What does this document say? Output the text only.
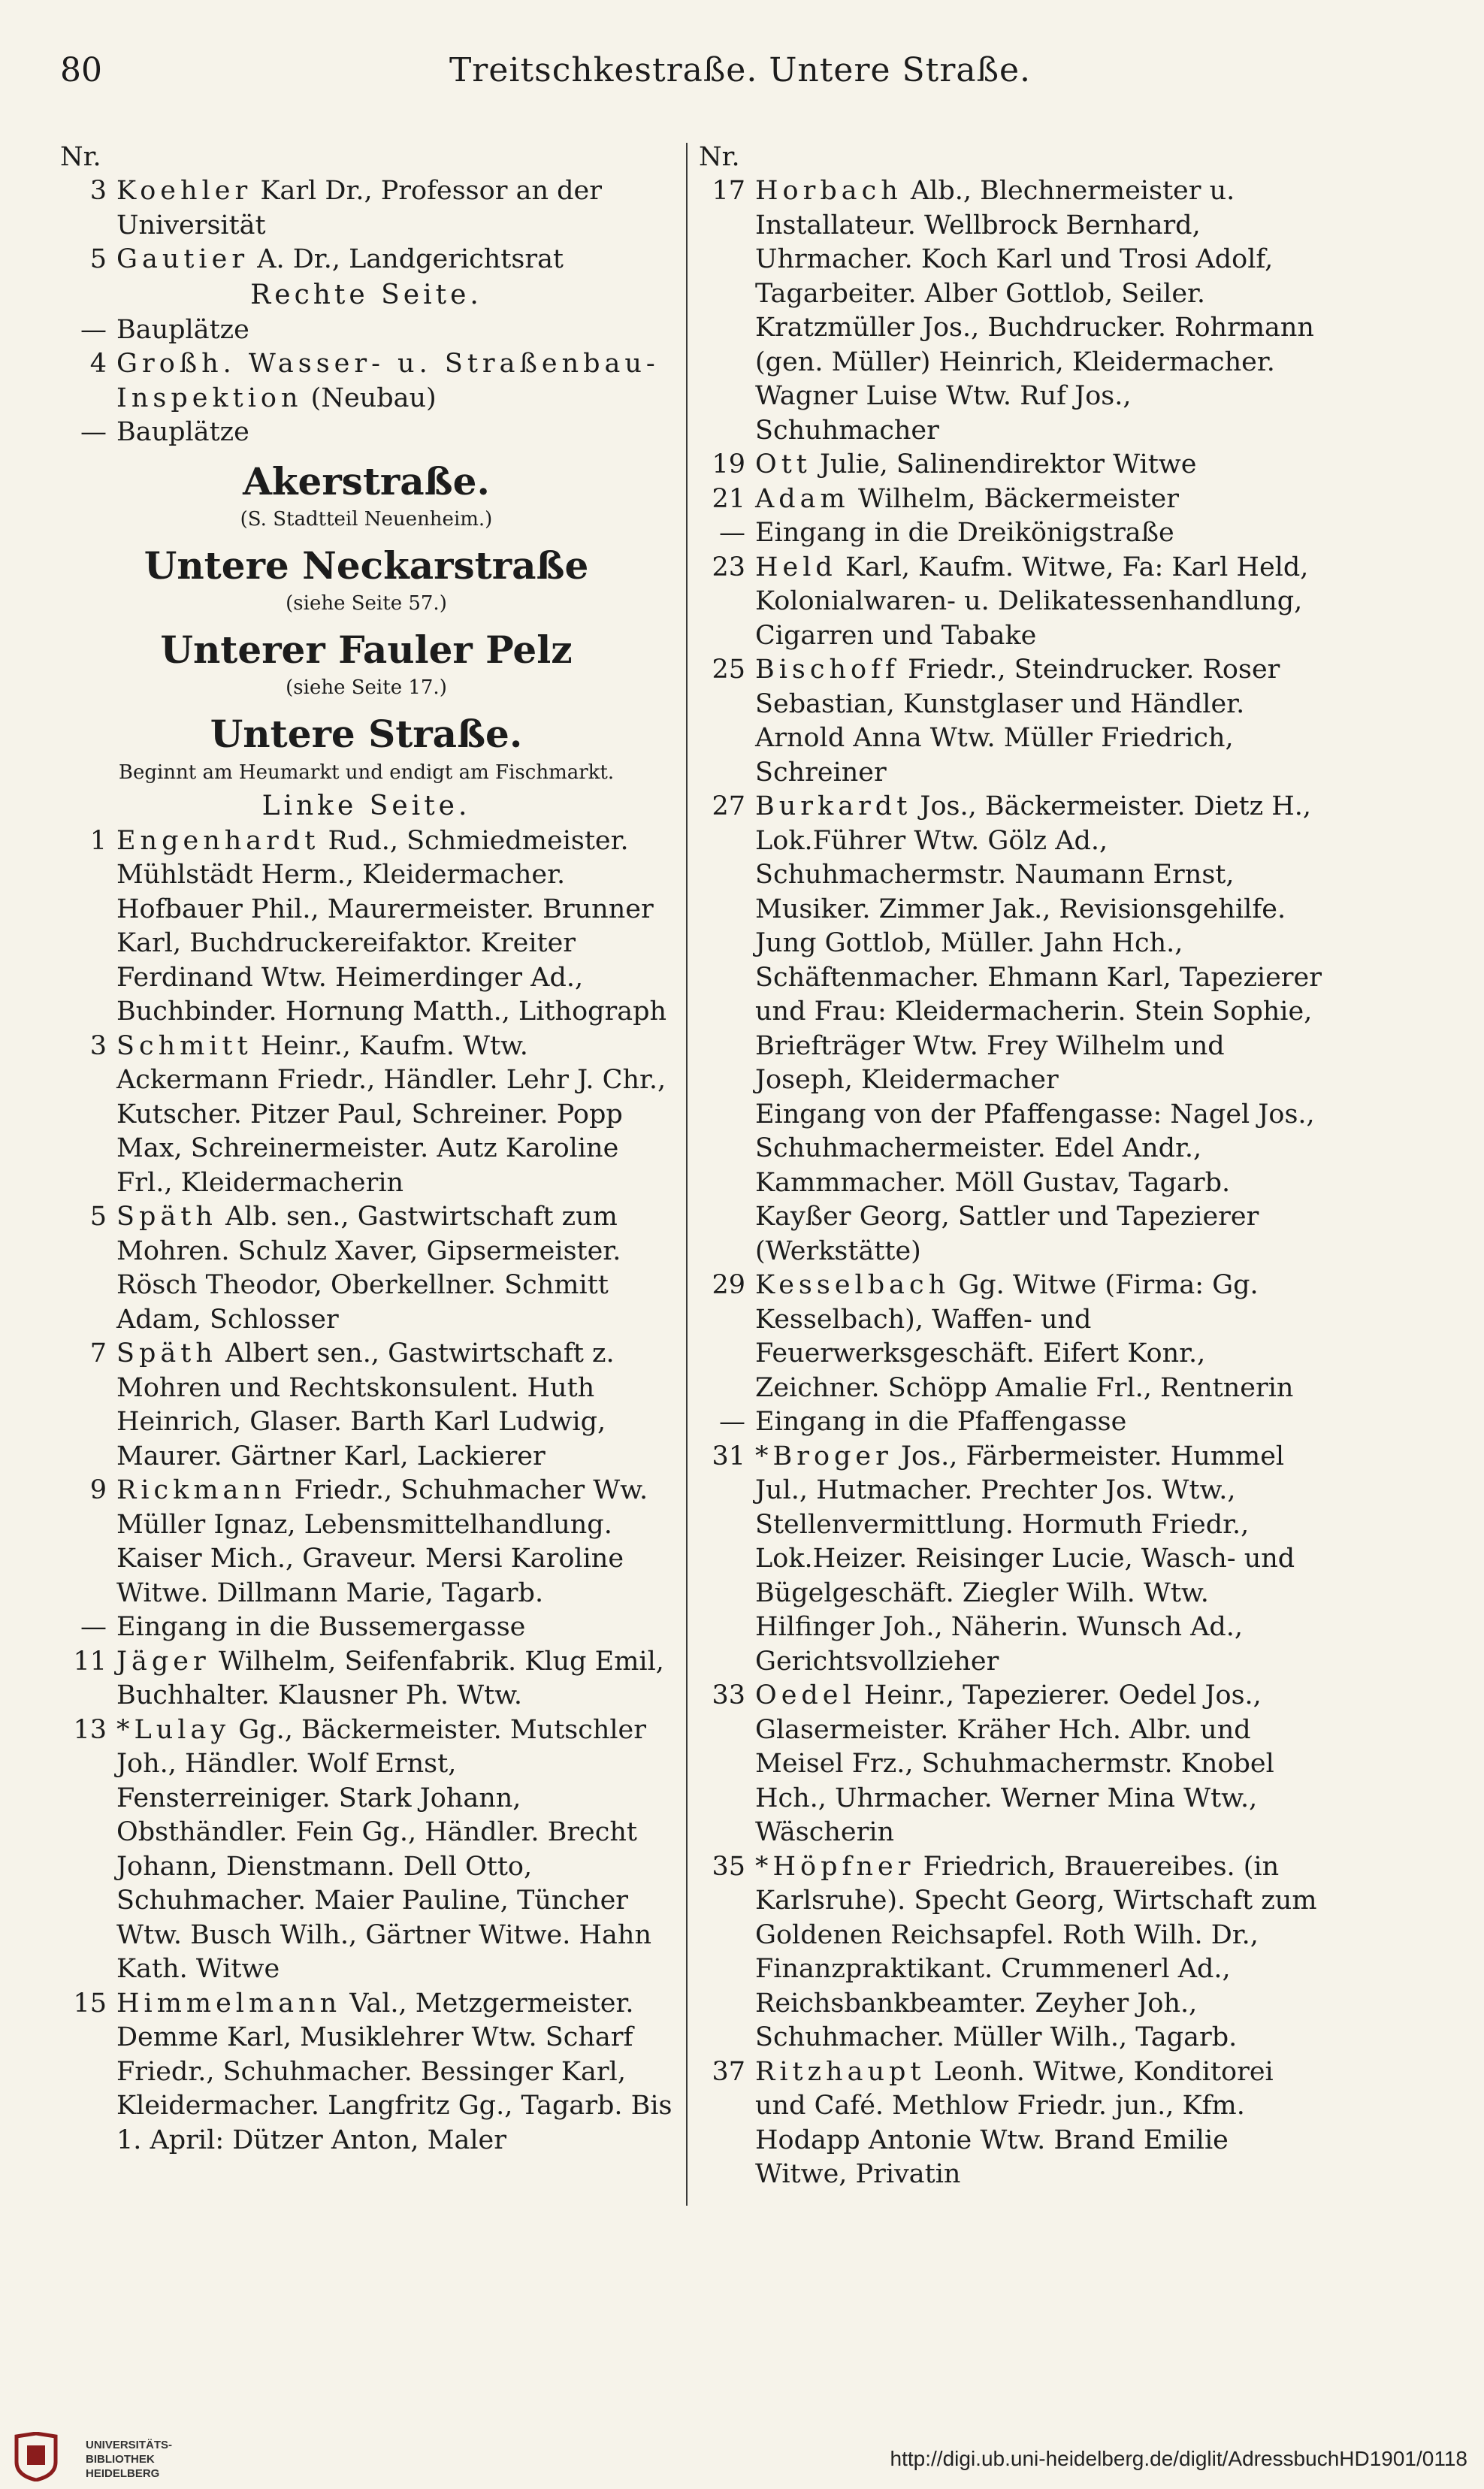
80	Treitschkestraße. Untere Straße.
Nr.
3 Koehler Karl Dr., Professor an der Universität
5 Gautier A. Dr., Landgerichtsrat
Rechte Seite.
— Bauplätze
4 Großh. Wasser- u. Straßenbau-Inspektion (Neubau)
— Bauplätze
Akerstraße.
(S. Stadtteil Neuenheim.)
Untere Neckarstraße
(siehe Seite 57.)
Unterer Fauler Pelz
(siehe Seite 17.)
Untere Straße.
Beginnt am Heumarkt und endigt am Fischmarkt.
Linke Seite.
1 Engenhardt Rud., Schmiedmeister. Mühlstädt Herm., Kleidermacher. Hofbauer Phil., Maurermeister. Brunner Karl, Buchdruckereifaktor. Kreiter Ferdinand Wtw. Heimerdinger Ad., Buchbinder. Hornung Matth., Lithograph
3 Schmitt Heinr., Kaufm. Wtw. Ackermann Friedr., Händler. Lehr J. Chr., Kutscher. Pitzer Paul, Schreiner. Popp Max, Schreinermeister. Autz Karoline Frl., Kleidermacherin
5 Späth Alb. sen., Gastwirtschaft zum Mohren. Schulz Xaver, Gipsermeister. Rösch Theodor, Oberkellner. Schmitt Adam, Schlosser
7 Späth Albert sen., Gastwirtschaft z. Mohren und Rechtskonsulent. Huth Heinrich, Glaser. Barth Karl Ludwig, Maurer. Gärtner Karl, Lackierer
9 Rickmann Friedr., Schuhmacher Ww. Müller Ignaz, Lebensmittelhandlung. Kaiser Mich., Graveur. Mersi Karoline Witwe. Dillmann Marie, Tagarb.
— Eingang in die Bussemergasse
11 Jäger Wilhelm, Seifenfabrik. Klug Emil, Buchhalter. Klausner Ph. Wtw.
13 *Lulay Gg., Bäckermeister. Mutschler Joh., Händler. Wolf Ernst, Fensterreiniger. Stark Johann, Obsthändler. Fein Gg., Händler. Brecht Johann, Dienstmann. Dell Otto, Schuhmacher. Maier Pauline, Tüncher Wtw. Busch Wilh., Gärtner Witwe. Hahn Kath. Witwe
15 Himmelmann Val., Metzgermeister. Demme Karl, Musiklehrer Wtw. Scharf Friedr., Schuhmacher. Bessinger Karl, Kleidermacher. Langfritz Gg., Tagarb. Bis 1. April: Dützer Anton, Maler
Nr.
17 Horbach Alb., Blechnermeister u. Installateur. Wellbrock Bernhard, Uhrmacher. Koch Karl und Trosi Adolf, Tagarbeiter. Alber Gottlob, Seiler. Kratzmüller Jos., Buchdrucker. Rohrmann (gen. Müller) Heinrich, Kleidermacher. Wagner Luise Wtw. Ruf Jos., Schuhmacher
19 Ott Julie, Salinendirektor Witwe
21 Adam Wilhelm, Bäckermeister
— Eingang in die Dreikönigstraße
23 Held Karl, Kaufm. Witwe, Fa: Karl Held, Kolonialwaren- u. Delikatessenhandlung, Cigarren und Tabake
25 Bischoff Friedr., Steindrucker. Roser Sebastian, Kunstglaser und Händler. Arnold Anna Wtw. Müller Friedrich, Schreiner
27 Burkardt Jos., Bäckermeister. Dietz H., Lok.Führer Wtw. Gölz Ad., Schuhmachermstr. Naumann Ernst, Musiker. Zimmer Jak., Revisionsgehilfe. Jung Gottlob, Müller. Jahn Hch., Schäftenmacher. Ehmann Karl, Tapezierer und Frau: Kleidermacherin. Stein Sophie, Briefträger Wtw. Frey Wilhelm und Joseph, Kleidermacher
Eingang von der Pfaffengasse: Nagel Jos., Schuhmachermeister. Edel Andr., Kammmacher. Möll Gustav, Tagarb. Kayßer Georg, Sattler und Tapezierer (Werkstätte)
29 Kesselbach Gg. Witwe (Firma: Gg. Kesselbach), Waffen- und Feuerwerksgeschäft. Eifert Konr., Zeichner. Schöpp Amalie Frl., Rentnerin
— Eingang in die Pfaffengasse
31 *Broger Jos., Färbermeister. Hummel Jul., Hutmacher. Prechter Jos. Wtw., Stellenvermittlung. Hormuth Friedr., Lok.Heizer. Reisinger Lucie, Wasch- und Bügelgeschäft. Ziegler Wilh. Wtw. Hilfinger Joh., Näherin. Wunsch Ad., Gerichtsvollzieher
33 Oedel Heinr., Tapezierer. Oedel Jos., Glasermeister. Kräher Hch. Albr. und Meisel Frz., Schuhmachermstr. Knobel Hch., Uhrmacher. Werner Mina Wtw., Wäscherin
35 *Höpfner Friedrich, Brauereibes. (in Karlsruhe). Specht Georg, Wirtschaft zum Goldenen Reichsapfel. Roth Wilh. Dr., Finanzpraktikant. Crummenerl Ad., Reichsbankbeamter. Zeyher Joh., Schuhmacher. Müller Wilh., Tagarb.
37 Ritzhaupt Leonh. Witwe, Konditorei und Café. Methlow Friedr. jun., Kfm. Hodapp Antonie Wtw. Brand Emilie Witwe, Privatin
UNIVERSITÄTS-
BIBLIOTHEK
HEIDELBERG
http://digi.ub.uni-heidelberg.de/diglit/AdressbuchHD1901/0118
